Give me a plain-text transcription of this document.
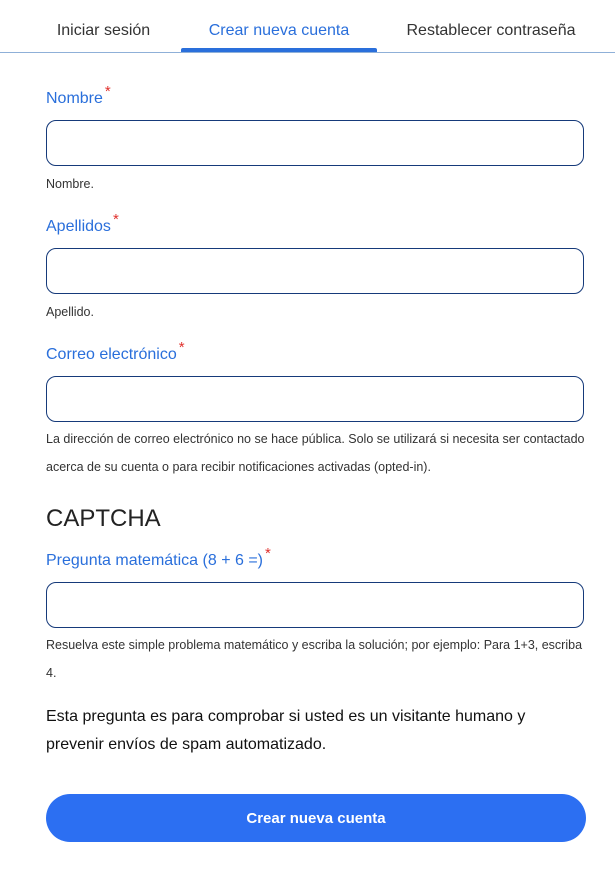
Iniciar sesión	Crear nueva cuenta	Restablecer contraseña
Nombre *
Nombre.
Apellidos *
Apellido.
Correo electrónico *
La dirección de correo electrónico no se hace pública. Solo se utilizará si necesita ser contactado acerca de su cuenta o para recibir notificaciones activadas (opted-in).
CAPTCHA
Pregunta matemática (8 + 6 =) *
Resuelva este simple problema matemático y escriba la solución; por ejemplo: Para 1+3, escriba 4.
Esta pregunta es para comprobar si usted es un visitante humano y prevenir envíos de spam automatizado.
Crear nueva cuenta
